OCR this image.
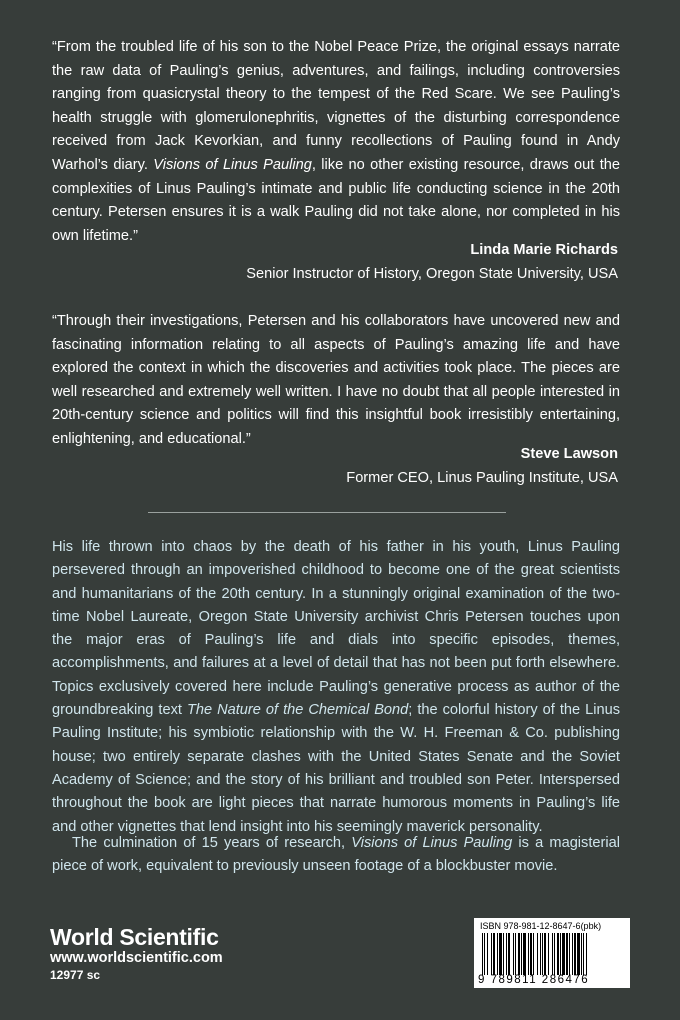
“From the troubled life of his son to the Nobel Peace Prize, the original essays narrate the raw data of Pauling’s genius, adventures, and failings, including controversies ranging from quasicrystal theory to the tempest of the Red Scare. We see Pauling’s health struggle with glomerulonephritis, vignettes of the disturbing correspondence received from Jack Kevorkian, and funny recollections of Pauling found in Andy Warhol’s diary. Visions of Linus Pauling, like no other existing resource, draws out the complexities of Linus Pauling’s intimate and public life conducting science in the 20th century. Petersen ensures it is a walk Pauling did not take alone, nor completed in his own lifetime.”

Linda Marie Richards

Senior Instructor of History, Oregon State University, USA

“Through their investigations, Petersen and his collaborators have uncovered new and fascinating information relating to all aspects of Pauling’s amazing life and have explored the context in which the discoveries and activities took place. The pieces are well researched and extremely well written. I have no doubt that all people interested in 20th-century science and politics will find this insightful book irresistibly entertaining, enlightening, and educational.”

Steve Lawson

Former CEO, Linus Pauling Institute, USA

His life thrown into chaos by the death of his father in his youth, Linus Pauling persevered through an impoverished childhood to become one of the great scientists and humanitarians of the 20th century. In a stunningly original examination of the two-time Nobel Laureate, Oregon State University archivist Chris Petersen touches upon the major eras of Pauling’s life and dials into specific episodes, themes, accomplishments, and failures at a level of detail that has not been put forth elsewhere. Topics exclusively covered here include Pauling’s generative process as author of the groundbreaking text The Nature of the Chemical Bond; the colorful history of the Linus Pauling Institute; his symbiotic relationship with the W. H. Freeman & Co. publishing house; two entirely separate clashes with the United States Senate and the Soviet Academy of Science; and the story of his brilliant and troubled son Peter. Interspersed throughout the book are light pieces that narrate humorous moments in Pauling’s life and other vignettes that lend insight into his seemingly maverick personality.

The culmination of 15 years of research, Visions of Linus Pauling is a magisterial piece of work, equivalent to previously unseen footage of a blockbuster movie.

World Scientific

www.worldscientific.com

12977 sc

ISBN 978-981-12-8647-6(pbk)

9 789811 286476
